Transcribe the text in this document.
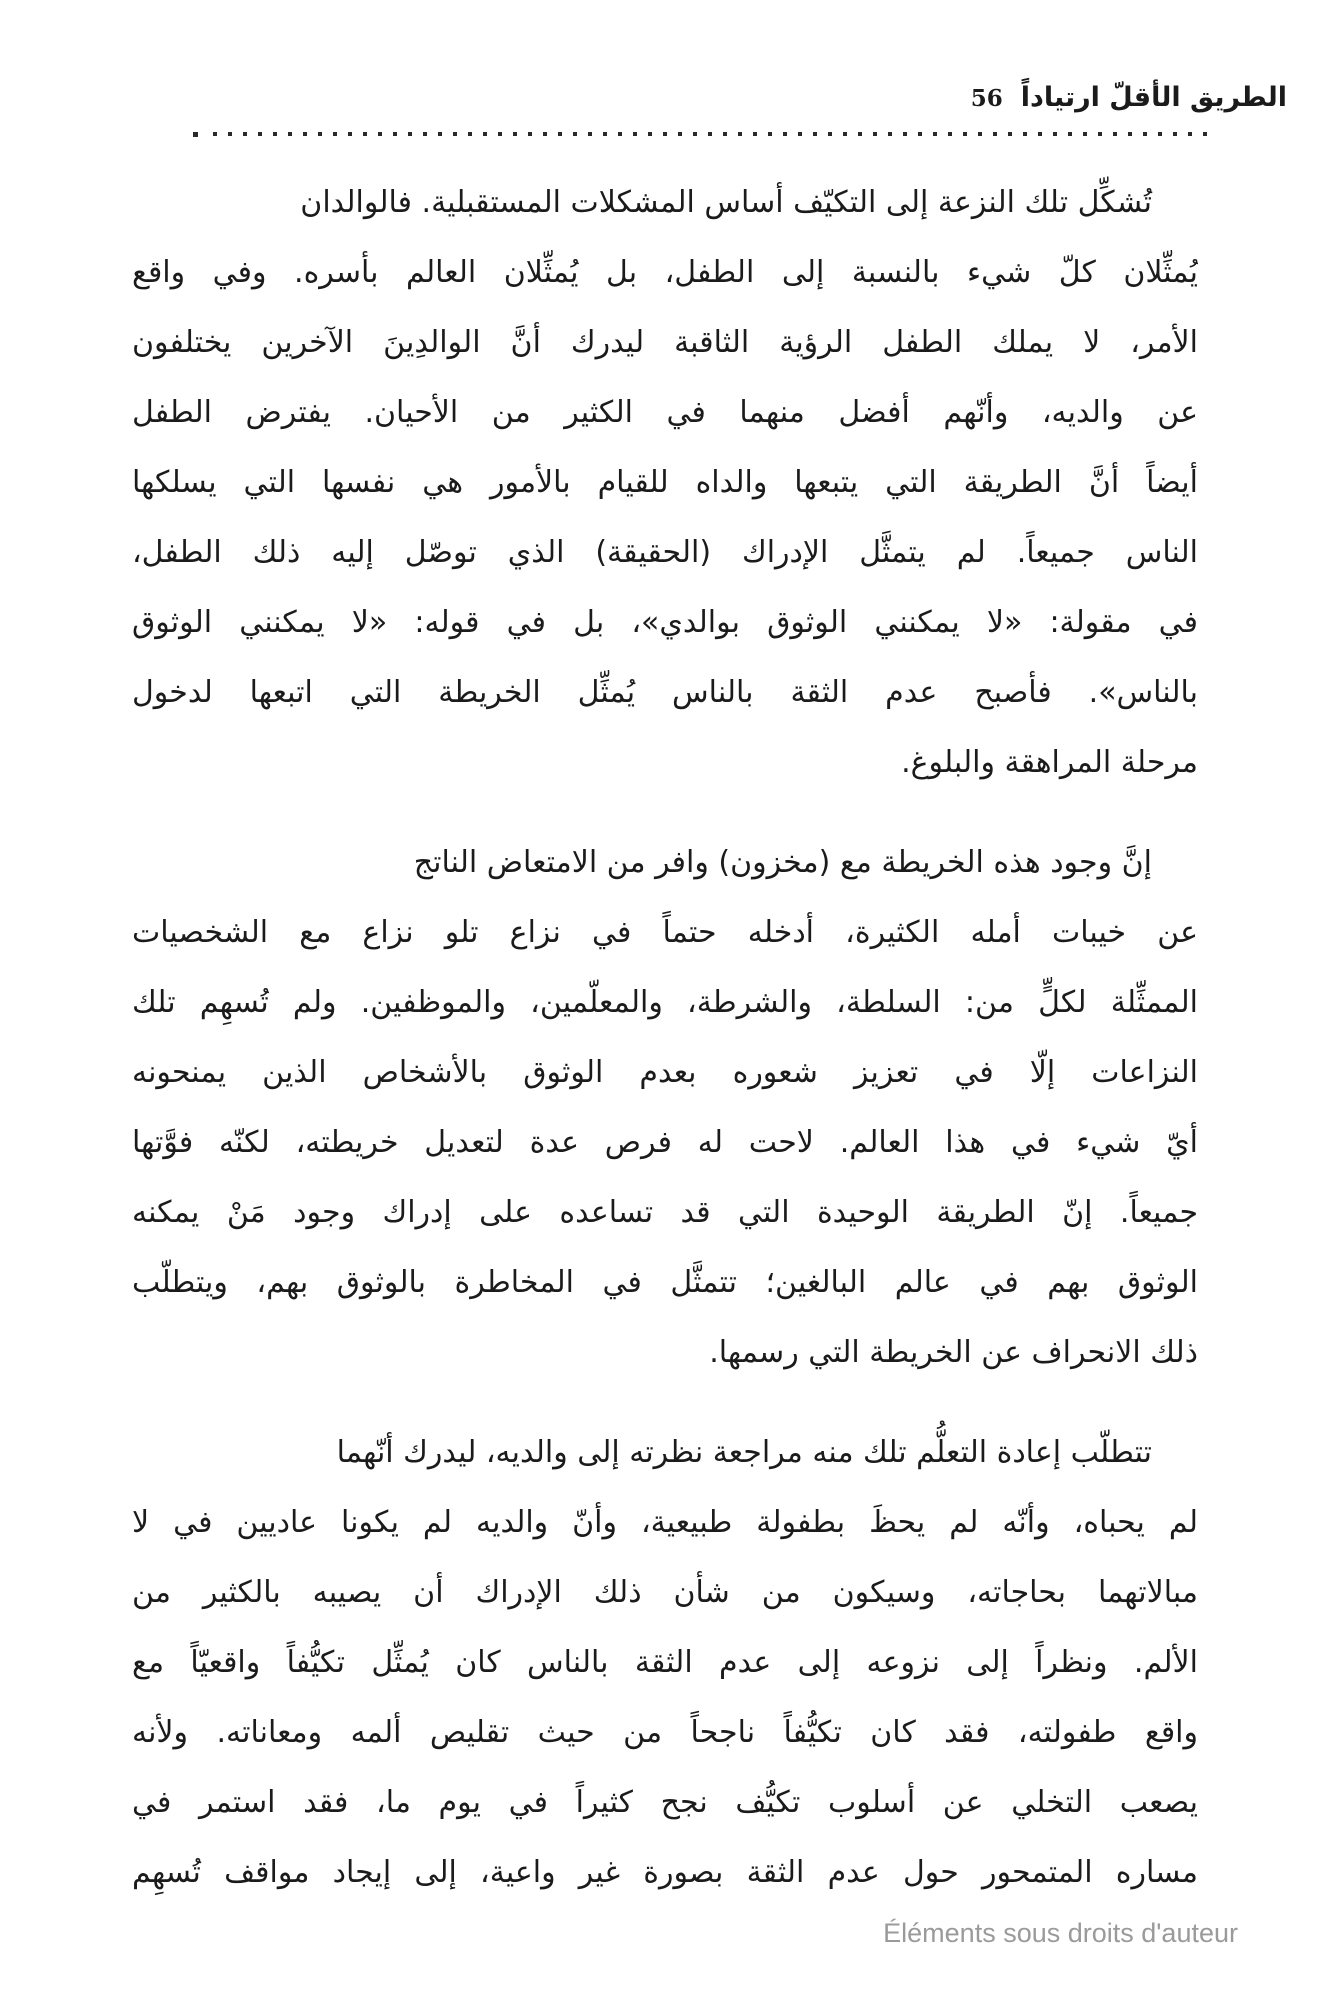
الطريق الأقلّ ارتياداً
56
تُشكِّل تلك النزعة إلى التكيّف أساس المشكلات المستقبلية. فالوالدان
يُمثِّلان كلّ شيء بالنسبة إلى الطفل، بل يُمثِّلان العالم بأسره. وفي واقع
الأمر، لا يملك الطفل الرؤية الثاقبة ليدرك أنَّ الوالدِينَ الآخرين يختلفون
عن والديه، وأنّهم أفضل منهما في الكثير من الأحيان. يفترض الطفل
أيضاً أنَّ الطريقة التي يتبعها والداه للقيام بالأمور هي نفسها التي يسلكها
الناس جميعاً. لم يتمثَّل الإدراك (الحقيقة) الذي توصّل إليه ذلك الطفل،
في مقولة: «لا يمكنني الوثوق بوالدي»، بل في قوله: «لا يمكنني الوثوق
بالناس». فأصبح عدم الثقة بالناس يُمثِّل الخريطة التي اتبعها لدخول
مرحلة المراهقة والبلوغ.
إنَّ وجود هذه الخريطة مع (مخزون) وافر من الامتعاض الناتج
عن خيبات أمله الكثيرة، أدخله حتماً في نزاع تلو نزاع مع الشخصيات
الممثِّلة لكلٍّ من: السلطة، والشرطة، والمعلّمين، والموظفين. ولم تُسهِم تلك
النزاعات إلّا في تعزيز شعوره بعدم الوثوق بالأشخاص الذين يمنحونه
أيّ شيء في هذا العالم. لاحت له فرص عدة لتعديل خريطته، لكنّه فوَّتها
جميعاً. إنّ الطريقة الوحيدة التي قد تساعده على إدراك وجود مَنْ يمكنه
الوثوق بهم في عالم البالغين؛ تتمثَّل في المخاطرة بالوثوق بهم، ويتطلّب
ذلك الانحراف عن الخريطة التي رسمها.
تتطلّب إعادة التعلُّم تلك منه مراجعة نظرته إلى والديه، ليدرك أنّهما
لم يحباه، وأنّه لم يحظَ بطفولة طبيعية، وأنّ والديه لم يكونا عاديين في لا
مبالاتهما بحاجاته، وسيكون من شأن ذلك الإدراك أن يصيبه بالكثير من
الألم. ونظراً إلى نزوعه إلى عدم الثقة بالناس كان يُمثِّل تكيُّفاً واقعيّاً مع
واقع طفولته، فقد كان تكيُّفاً ناجحاً من حيث تقليص ألمه ومعاناته. ولأنه
يصعب التخلي عن أسلوب تكيُّف نجح كثيراً في يوم ما، فقد استمر في
مساره المتمحور حول عدم الثقة بصورة غير واعية، إلى إيجاد مواقف تُسهِم
Éléments sous droits d'auteur
